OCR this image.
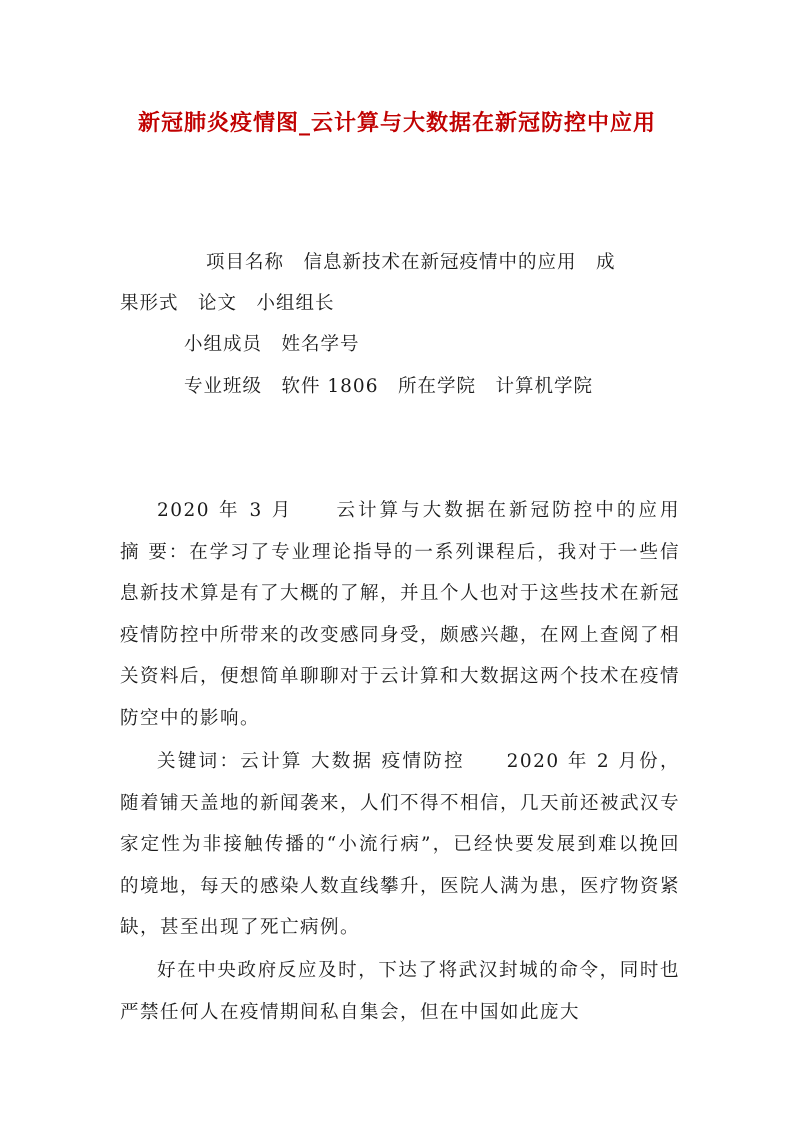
新冠肺炎疫情图_云计算与大数据在新冠防控中应用
项目名称　信息新技术在新冠疫情中的应用　成
果形式　论文　小组组长
小组成员　姓名学号
专业班级　软件 1806　所在学院　计算机学院

2020 年 3 月　　云计算与大数据在新冠防控中的应用　　摘 要：在学习了专业理论指导的一系列课程后，我对于一些信息新技术算是有了大概的了解，并且个人也对于这些技术在新冠疫情防控中所带来的改变感同身受，颇感兴趣，在网上查阅了相关资料后，便想简单聊聊对于云计算和大数据这两个技术在疫情防空中的影响。

关键词：云计算 大数据 疫情防控　　2020 年 2 月份，随着铺天盖地的新闻袭来，人们不得不相信，几天前还被武汉专家定性为非接触传播的“小流行病”，已经快要发展到难以挽回的境地，每天的感染人数直线攀升，医院人满为患，医疗物资紧缺，甚至出现了死亡病例。

好在中央政府反应及时，下达了将武汉封城的命令，同时也严禁任何人在疫情期间私自集会，但在中国如此庞大
